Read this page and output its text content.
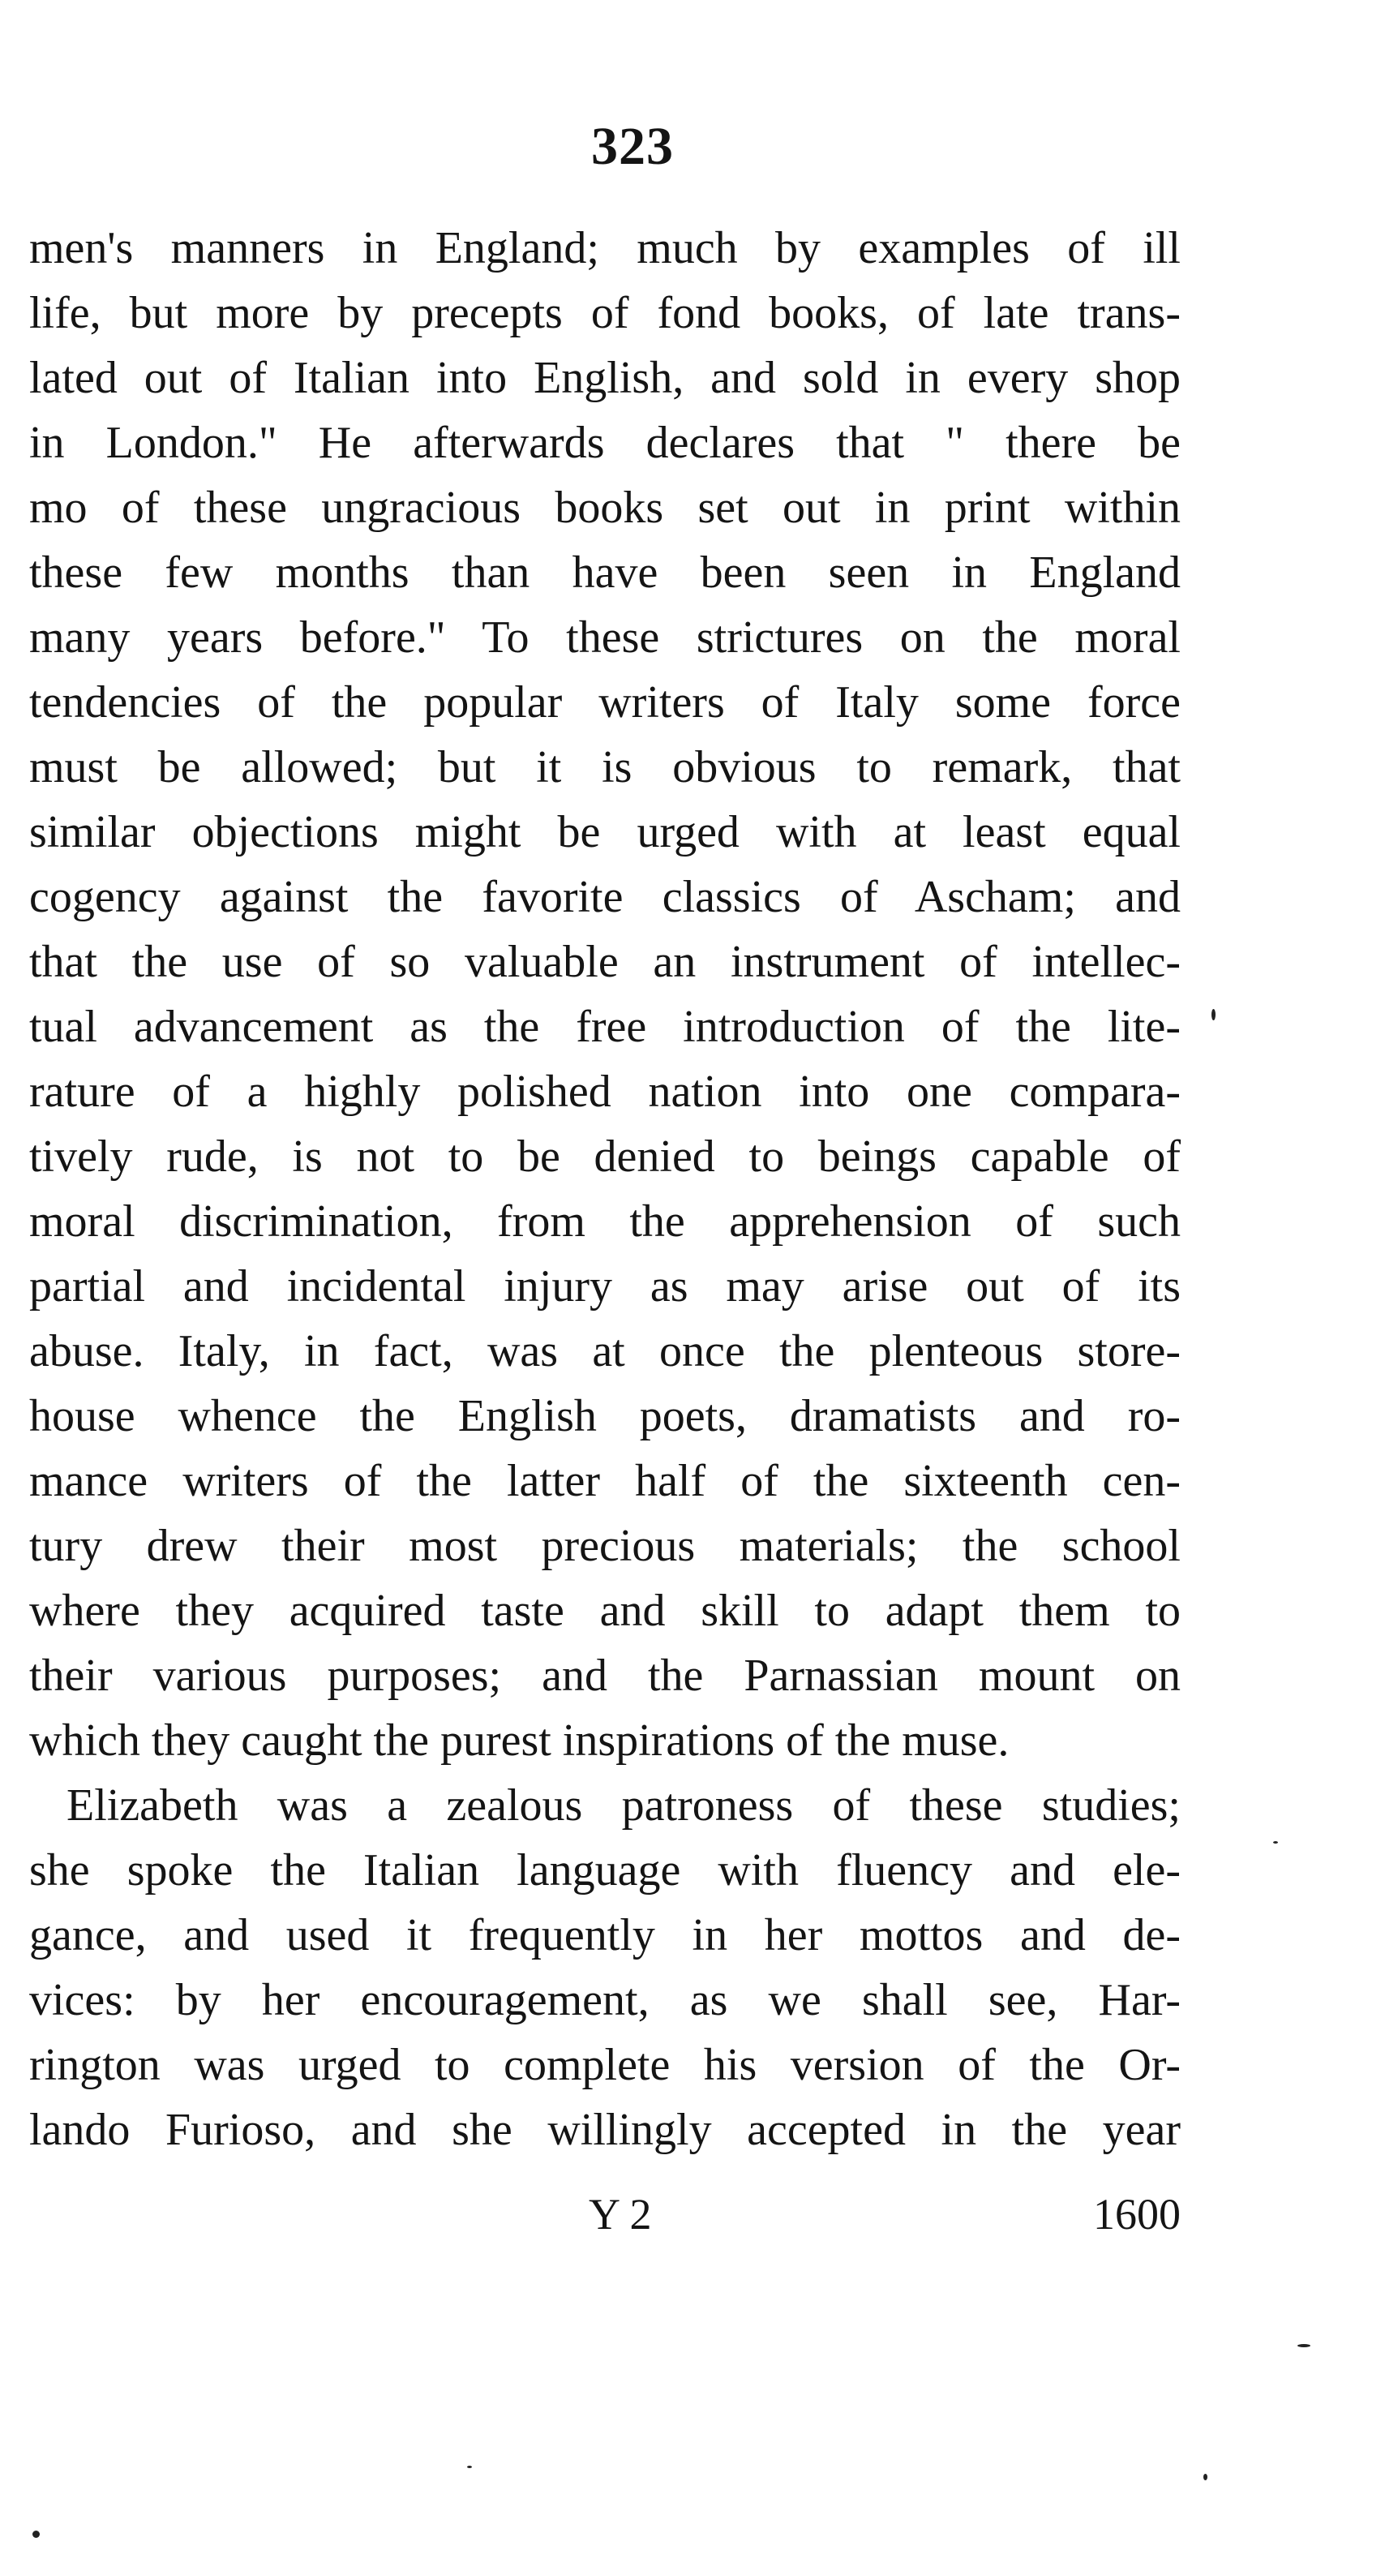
323
men's manners in England; much by examples of ill
life, but more by precepts of fond books, of late trans-
lated out of Italian into English, and sold in every shop
in London." He afterwards declares that " there be
mo of these ungracious books set out in print within
these few months than have been seen in England
many years before." To these strictures on the moral
tendencies of the popular writers of Italy some force
must be allowed; but it is obvious to remark, that
similar objections might be urged with at least equal
cogency against the favorite classics of Ascham; and
that the use of so valuable an instrument of intellec-
tual advancement as the free introduction of the lite-
rature of a highly polished nation into one compara-
tively rude, is not to be denied to beings capable of
moral discrimination, from the apprehension of such
partial and incidental injury as may arise out of its
abuse. Italy, in fact, was at once the plenteous store-
house whence the English poets, dramatists and ro-
mance writers of the latter half of the sixteenth cen-
tury drew their most precious materials; the school
where they acquired taste and skill to adapt them to
their various purposes; and the Parnassian mount on
which they caught the purest inspirations of the muse.
Elizabeth was a zealous patroness of these studies;
she spoke the Italian language with fluency and ele-
gance, and used it frequently in her mottos and de-
vices: by her encouragement, as we shall see, Har-
rington was urged to complete his version of the Or-
lando Furioso, and she willingly accepted in the year
Y 2	1600
